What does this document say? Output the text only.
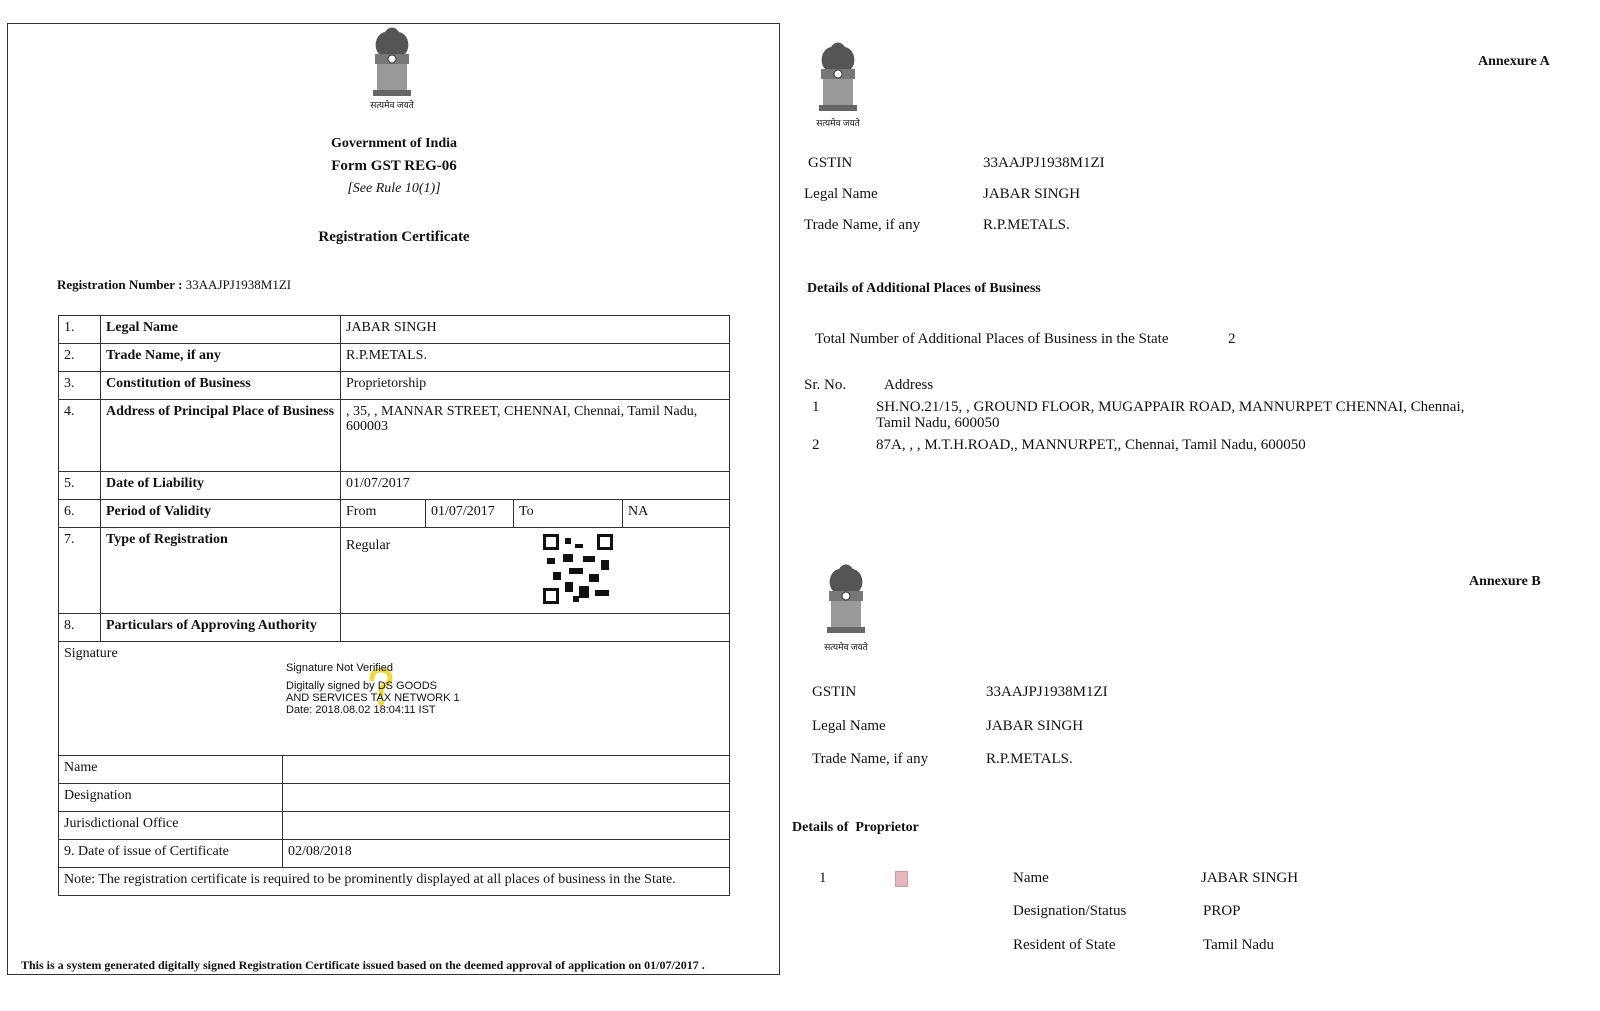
सत्यमेव जयते
Government of India
Form GST REG-06
[See Rule 10(1)]
Registration Certificate
Registration Number : 33AAJPJ1938M1ZI
1.	Legal Name	JABAR SINGH			
2.	Trade Name, if any	R.P.METALS.			
3.	Constitution of Business	Proprietorship			
4.	Address of Principal Place of Business	, 35, , MANNAR STREET, CHENNAI, Chennai, Tamil Nadu, 600003			
5.	Date of Liability	01/07/2017			
6.	Period of Validity	From	01/07/2017	To	NA
7.	Type of Registration	Regular			

8.	Particulars of Approving Authority				
Signature
Signature Not Verified
Digitally signed by DS GOODS
AND SERVICES TAX NETWORK 1
Date: 2018.08.02 18:04:11 IST					
Name	
Designation	
Jurisdictional Office	
9. Date of issue of Certificate	02/08/2018
Note: The registration certificate is required to be prominently displayed at all places of business in the State.	
This is a system generated digitally signed Registration Certificate issued based on the deemed approval of application on 01/07/2017 .
सत्यमेव जयते
Annexure A
GSTIN	33AAJPJ1938M1ZI
Legal Name	JABAR SINGH
Trade Name, if any	R.P.METALS.
Details of Additional Places of Business
Total Number of Additional Places of Business in the State	2
Sr. No.	Address
1	SH.NO.21/15, , GROUND FLOOR, MUGAPPAIR ROAD, MANNURPET CHENNAI, Chennai, Tamil Nadu, 600050
2	87A, , , M.T.H.ROAD,, MANNURPET,, Chennai, Tamil Nadu, 600050
सत्यमेव जयते
Annexure B
GSTIN	33AAJPJ1938M1ZI
Legal Name	JABAR SINGH
Trade Name, if any	R.P.METALS.
Details of  Proprietor
1	Name	JABAR SINGH
Designation/Status	PROP
Resident of State	Tamil Nadu
